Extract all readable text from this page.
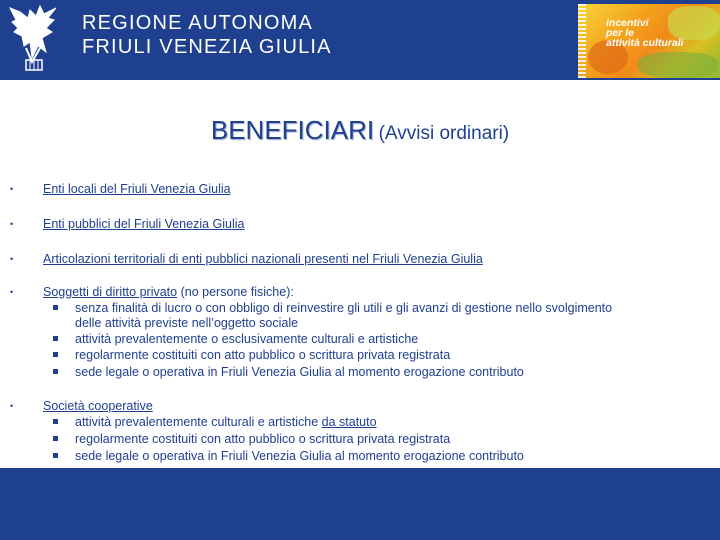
REGIONE AUTONOMA
FRIULI VENEZIA GIULIA
incentivi
per le
attività culturali
BENEFICIARI (Avvisi ordinari)
• Enti locali del Friuli Venezia Giulia
• Enti pubblici del Friuli Venezia Giulia
• Articolazioni territoriali di enti pubblici nazionali presenti nel Friuli Venezia Giulia
• Soggetti di diritto privato (no persone fisiche):
senza finalità di lucro o con obbligo di reinvestire gli utili e gli avanzi di gestione nello svolgimento
delle attività previste nell’oggetto sociale
attività prevalentemente o esclusivamente culturali e artistiche
regolarmente costituiti con atto pubblico o scrittura privata registrata
sede legale o operativa in Friuli Venezia Giulia al momento erogazione contributo
• Società cooperative
attività prevalentemente culturali e artistiche da statuto
regolarmente costituiti con atto pubblico o scrittura privata registrata
sede legale o operativa in Friuli Venezia Giulia al momento erogazione contributo
